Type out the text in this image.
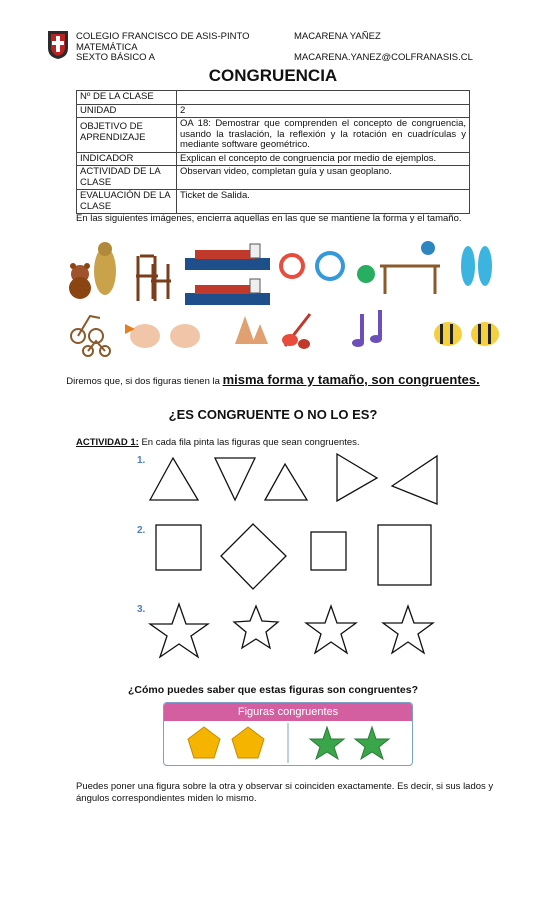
COLEGIO FRANCISCO DE ASIS-PINTO
MATEMÁTICA
SEXTO BÁSICO A
MACARENA YAÑEZ
MACARENA.YANEZ@COLFRANASIS.CL
CONGRUENCIA
Nº DE LA CLASE	
UNIDAD	2
OBJETIVO DE APRENDIZAJE	OA 18: Demostrar que comprenden el concepto de congruencia, usando la traslación, la reflexión y la rotación en cuadrículas y mediante software geométrico.
INDICADOR	Explican el concepto de congruencia por medio de ejemplos.
ACTIVIDAD DE LA CLASE	Observan video, completan guía y usan geoplano.
EVALUACIÓN DE LA CLASE	Ticket de Salida.
En las siguientes imágenes, encierra aquellas en las que se mantiene la forma y el tamaño.
Diremos que, si dos figuras tienen la misma forma y tamaño, son congruentes.
¿ES CONGRUENTE O NO LO ES?
ACTIVIDAD 1: En cada fila pinta las figuras que sean congruentes.
1.
2.
3.
¿Cómo puedes saber que estas figuras son congruentes?
Figuras congruentes
Puedes poner una figura sobre la otra y observar si coinciden exactamente. Es decir, si sus lados y ángulos correspondientes miden lo mismo.
